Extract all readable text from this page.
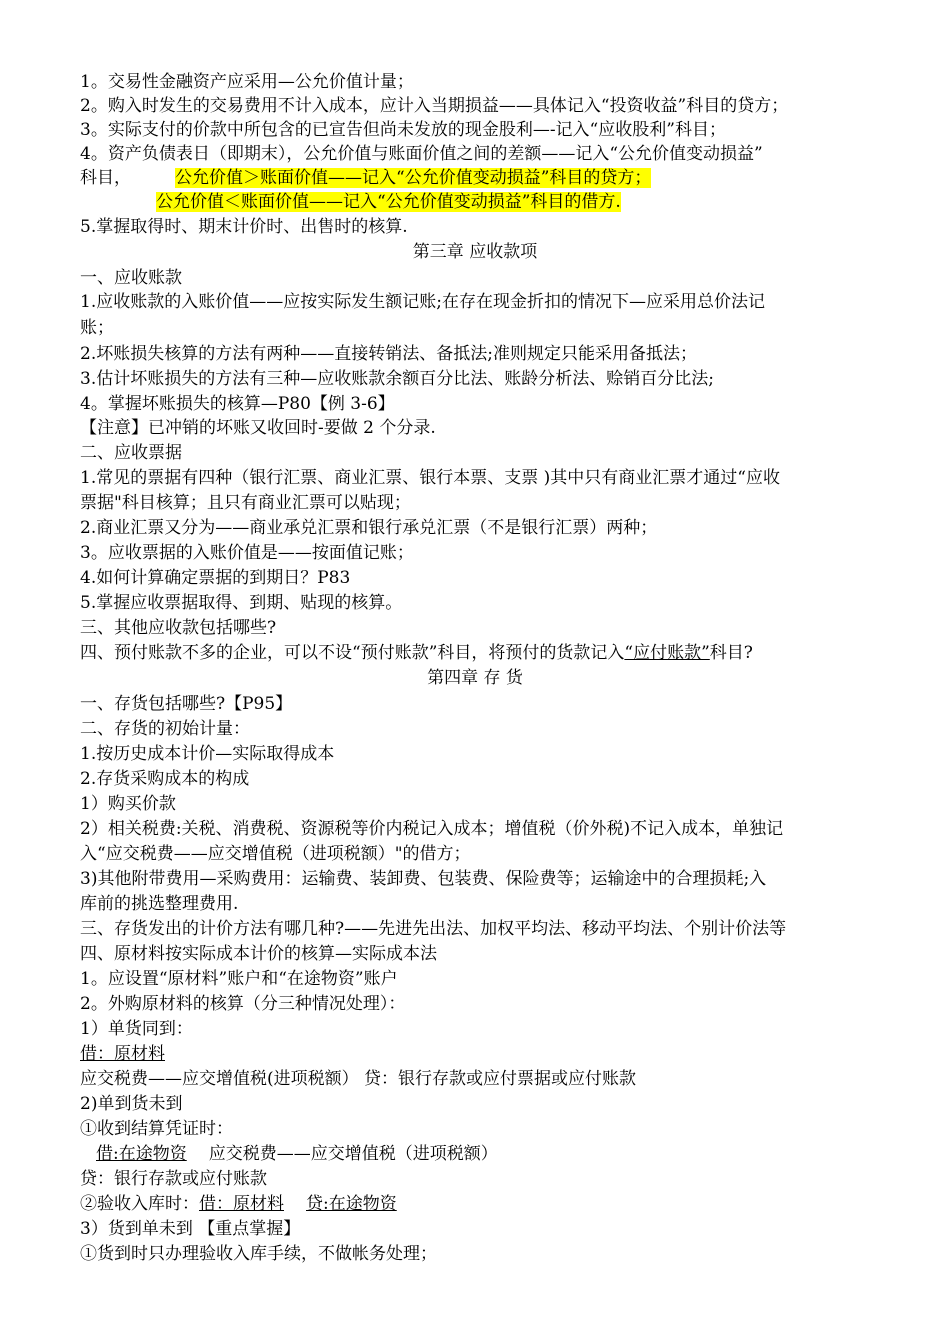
1。交易性金融资产应采用—公允价值计量；
2。购入时发生的交易费用不计入成本，应计入当期损益——具体记入“投资收益”科目的贷方；
3。实际支付的价款中所包含的已宣告但尚未发放的现金股利—-记入“应收股利”科目；
4。资产负债表日（即期末），公允价值与账面价值之间的差额——记入“公允价值变动损益”
科目，	公允价值＞账面价值——记入“公允价值变动损益”科目的贷方；
公允价值＜账面价值——记入“公允价值变动损益”科目的借方.
5.掌握取得时、期末计价时、出售时的核算.
第三章 应收款项
一、应收账款
1.应收账款的入账价值——应按实际发生额记账;在存在现金折扣的情况下—应采用总价法记
账；
2.坏账损失核算的方法有两种——直接转销法、备抵法;准则规定只能采用备抵法；
3.估计坏账损失的方法有三种—应收账款余额百分比法、账龄分析法、赊销百分比法;
4。掌握坏账损失的核算—P80【例 3-6】
【注意】已冲销的坏账又收回时-要做 2 个分录.
二、应收票据
1.常见的票据有四种（银行汇票、商业汇票、银行本票、支票 )其中只有商业汇票才通过“应收
票据"科目核算；且只有商业汇票可以贴现；
2.商业汇票又分为——商业承兑汇票和银行承兑汇票（不是银行汇票）两种；
3。应收票据的入账价值是——按面值记账；
4.如何计算确定票据的到期日？P83
5.掌握应收票据取得、到期、贴现的核算。
三、其他应收款包括哪些?
四、预付账款不多的企业，可以不设“预付账款”科目，将预付的货款记入“应付账款”科目?
第四章 存 货
一、存货包括哪些?【P95】
二、存货的初始计量：
1.按历史成本计价—实际取得成本
2.存货采购成本的构成
1）购买价款
2）相关税费:关税、消费税、资源税等价内税记入成本；增值税（价外税)不记入成本，单独记
入“应交税费——应交增值税（进项税额）"的借方；
3)其他附带费用—采购费用：运输费、装卸费、包装费、保险费等；运输途中的合理损耗;入
库前的挑选整理费用.
三、存货发出的计价方法有哪几种?——先进先出法、加权平均法、移动平均法、个别计价法等
四、原材料按实际成本计价的核算—实际成本法
1。应设置“原材料”账户和“在途物资”账户
2。外购原材料的核算（分三种情况处理）：
1）单货同到：
借：原材料
应交税费——应交增值税(进项税额） 贷：银行存款或应付票据或应付账款
2)单到货未到
①收到结算凭证时：
借:在途物资 应交税费——应交增值税（进项税额）
贷：银行存款或应付账款
②验收入库时：借：原材料 贷:在途物资
3）货到单未到 【重点掌握】
①货到时只办理验收入库手续，不做帐务处理；
